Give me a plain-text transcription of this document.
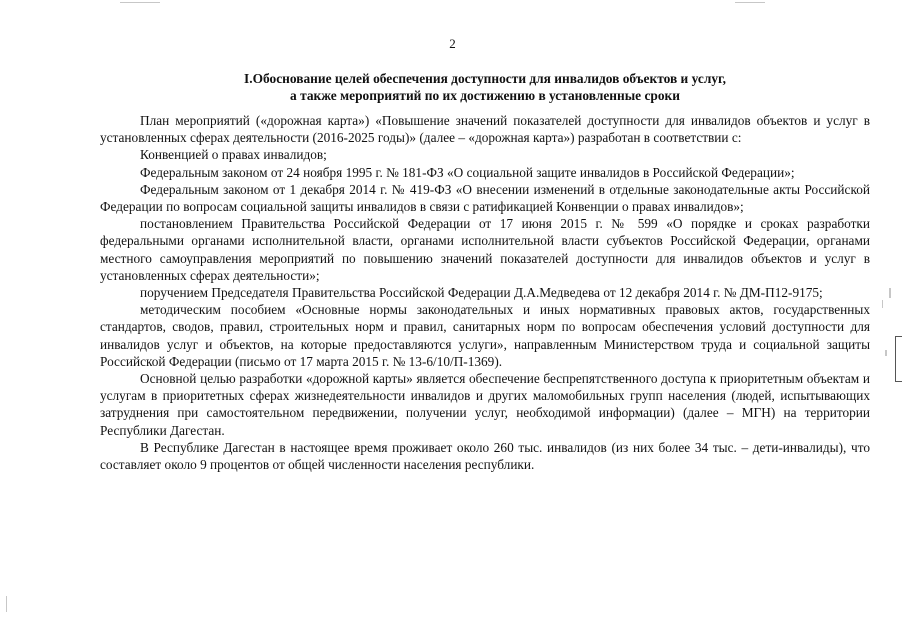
2
I.Обоснование целей обеспечения доступности для инвалидов объектов и услуг,
а также мероприятий по их достижению в установленные сроки

План мероприятий («дорожная карта») «Повышение значений показателей доступности для инвалидов объектов и услуг в установленных сферах деятельности (2016-2025 годы)» (далее – «дорожная карта») разработан в соответствии с:

Конвенцией о правах инвалидов;

Федеральным законом от 24 ноября 1995 г. № 181-ФЗ «О социальной защите инвалидов в Российской Федерации»;

Федеральным законом от 1 декабря 2014 г. № 419-ФЗ «О внесении изменений в отдельные законодательные акты Российской Федерации по вопросам социальной защиты инвалидов в связи с ратификацией Конвенции о правах инвалидов»;

постановлением Правительства Российской Федерации от 17 июня 2015 г. № 599 «О порядке и сроках разработки федеральными органами исполнительной власти, органами исполнительной власти субъектов Российской Федерации, органами местного самоуправления мероприятий по повышению значений показателей доступности для инвалидов объектов и услуг в установленных сферах деятельности»;

поручением Председателя Правительства Российской Федерации Д.А.Медведева от 12 декабря 2014 г. № ДМ-П12-9175;

методическим пособием «Основные нормы законодательных и иных нормативных правовых актов, государственных стандартов, сводов, правил, строительных норм и правил, санитарных норм по вопросам обеспечения условий доступности для инвалидов услуг и объектов, на которые предоставляются услуги», направленным Министерством труда и социальной защиты Российской Федерации (письмо от 17 марта 2015 г. № 13-6/10/П-1369).

Основной целью разработки «дорожной карты» является обеспечение беспрепятственного доступа к приоритетным объектам и услугам в приоритетных сферах жизнедеятельности инвалидов и других маломобильных групп населения (людей, испытывающих затруднения при самостоятельном передвижении, получении услуг, необходимой информации) (далее – МГН) на территории Республики Дагестан.

В Республике Дагестан в настоящее время проживает около 260 тыс. инвалидов (из них более 34 тыс. – дети-инвалиды), что составляет около 9 процентов от общей численности населения республики.
